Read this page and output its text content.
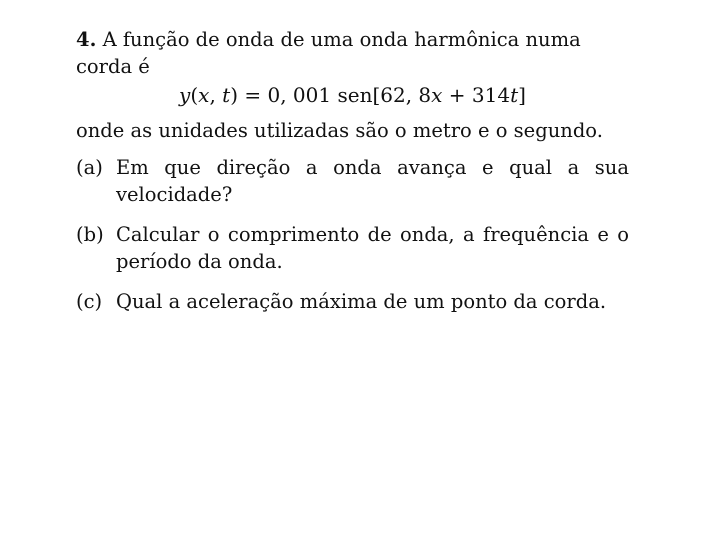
4. A função de onda de uma onda harmônica numa corda é

y(x, t) = 0, 001 sen[62, 8x + 314t]

onde as unidades utilizadas são o metro e o segundo.

(a) Em que direção a onda avança e qual a sua velocidade?
(b) Calcular o comprimento de onda, a frequência e o período da onda.
(c) Qual a aceleração máxima de um ponto da corda.
